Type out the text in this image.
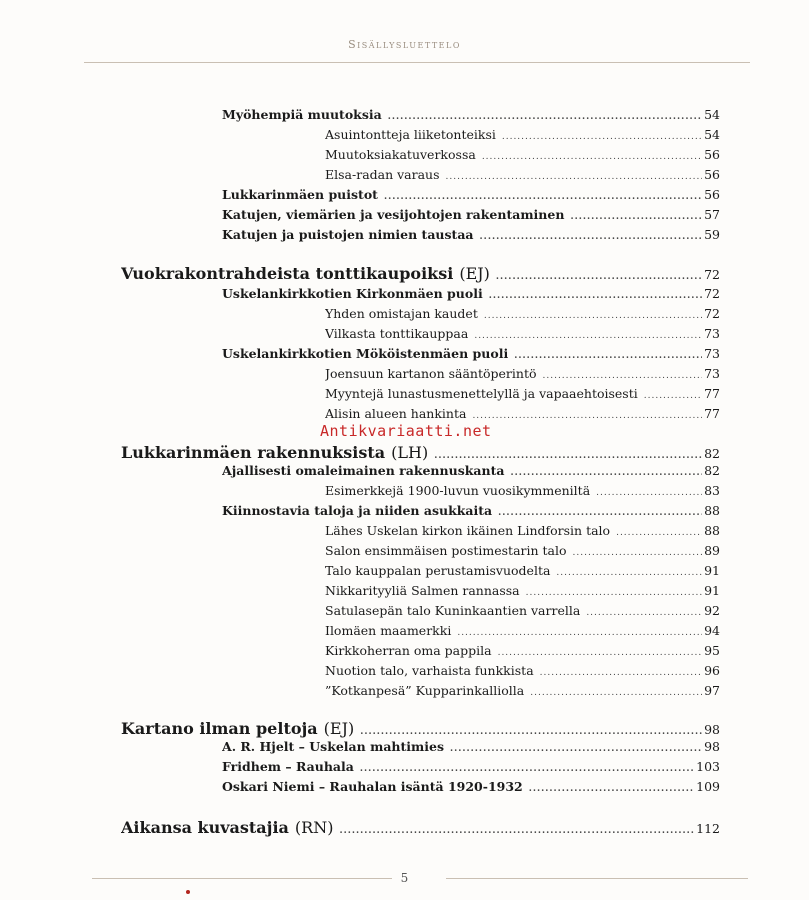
Sisällysluettelo
Myöhempiä muutoksia .....	54
Asuintontteja liiketonteiksi .....	54
Muutoksiakatuverkossa .....	56
Elsa-radan varaus .....	56
Lukkarinmäen puistot .....	56
Katujen, viemärien ja vesijohtojen rakentaminen .....	57
Katujen ja puistojen nimien taustaa .....	59
Vuokrakontrahdeista tonttikaupoiksi (EJ) .....	72
Uskelankirkkotien Kirkonmäen puoli .....	72
Yhden omistajan kaudet .....	72
Vilkasta tonttikauppaa .....	73
Uskelankirkkotien Mököistenmäen puoli .....	73
Joensuun kartanon sääntöperintö .....	73
Myyntejä lunastusmenettelyllä ja vapaaehtoisesti .....	77
Alisin alueen hankinta .....	77
Lukkarinmäen rakennuksista (LH) .....	82
Ajallisesti omaleimainen rakennuskanta .....	82
Esimerkkejä 1900-luvun vuosikymmeniltä .....	83
Kiinnostavia taloja ja niiden asukkaita .....	88
Lähes Uskelan kirkon ikäinen Lindforsin talo .....	88
Salon ensimmäisen postimestarin talo .....	89
Talo kauppalan perustamisvuodelta .....	91
Nikkarityyliä Salmen rannassa .....	91
Satulasepän talo Kuninkaantien varrella .....	92
Ilomäen maamerkki .....	94
Kirkkoherran oma pappila .....	95
Nuotion talo, varhaista funkkista .....	96
”Kotkanpesä” Kupparinkalliolla .....	97
Kartano ilman peltoja (EJ) .....	98
A. R. Hjelt – Uskelan mahtimies .....	98
Fridhem – Rauhala .....	103
Oskari Niemi – Rauhalan isäntä 1920-1932 .....	109
Aikansa kuvastajia (RN) .....	112
Antikvariaatti.net
5
